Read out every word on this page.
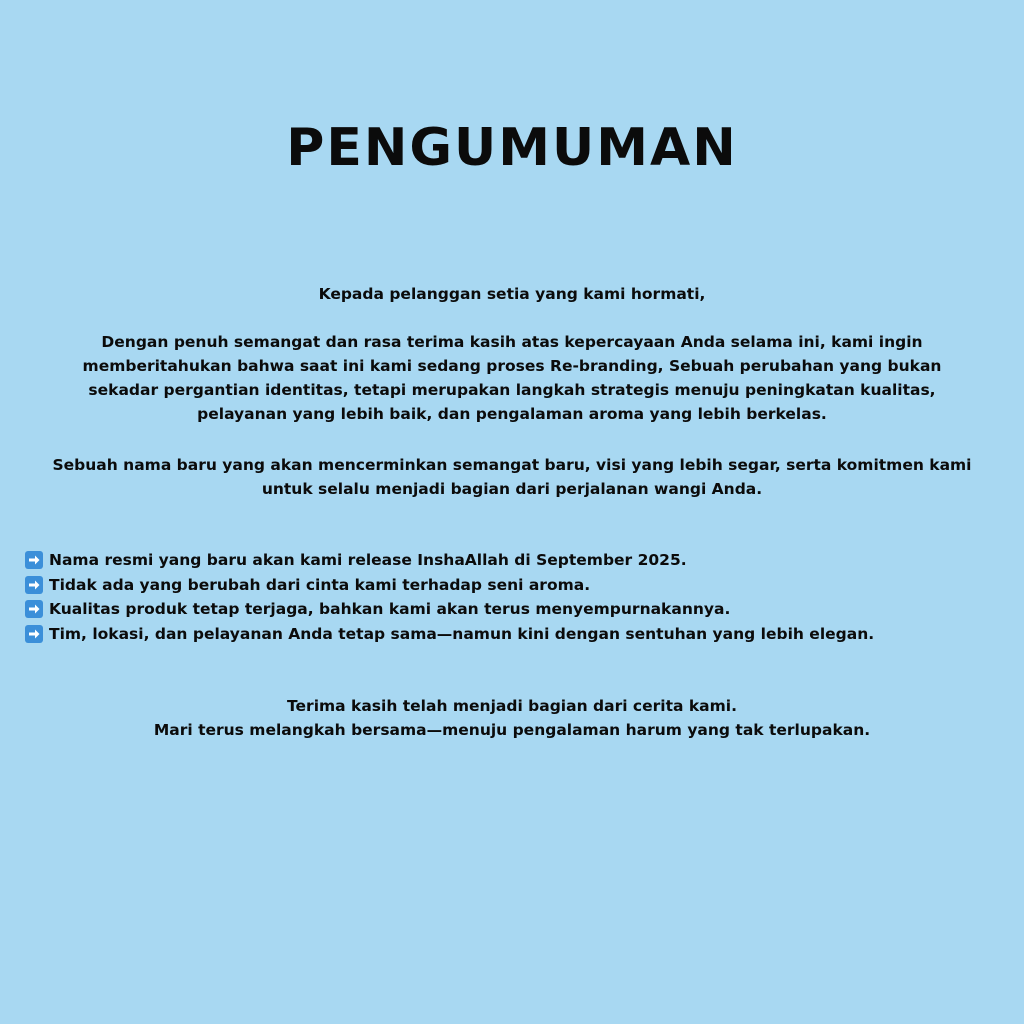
PENGUMUMAN
Kepada pelanggan setia yang kami hormati,
Dengan penuh semangat dan rasa terima kasih atas kepercayaan Anda selama ini, kami ingin
memberitahukan bahwa saat ini kami sedang proses Re-branding, Sebuah perubahan yang bukan
sekadar pergantian identitas, tetapi merupakan langkah strategis menuju peningkatan kualitas,
pelayanan yang lebih baik, dan pengalaman aroma yang lebih berkelas.
Sebuah nama baru yang akan mencerminkan semangat baru, visi yang lebih segar, serta komitmen kami
untuk selalu menjadi bagian dari perjalanan wangi Anda.
Nama resmi yang baru akan kami release InshaAllah di September 2025.
Tidak ada yang berubah dari cinta kami terhadap seni aroma.
Kualitas produk tetap terjaga, bahkan kami akan terus menyempurnakannya.
Tim, lokasi, dan pelayanan Anda tetap sama—namun kini dengan sentuhan yang lebih elegan.
Terima kasih telah menjadi bagian dari cerita kami.
Mari terus melangkah bersama—menuju pengalaman harum yang tak terlupakan.
